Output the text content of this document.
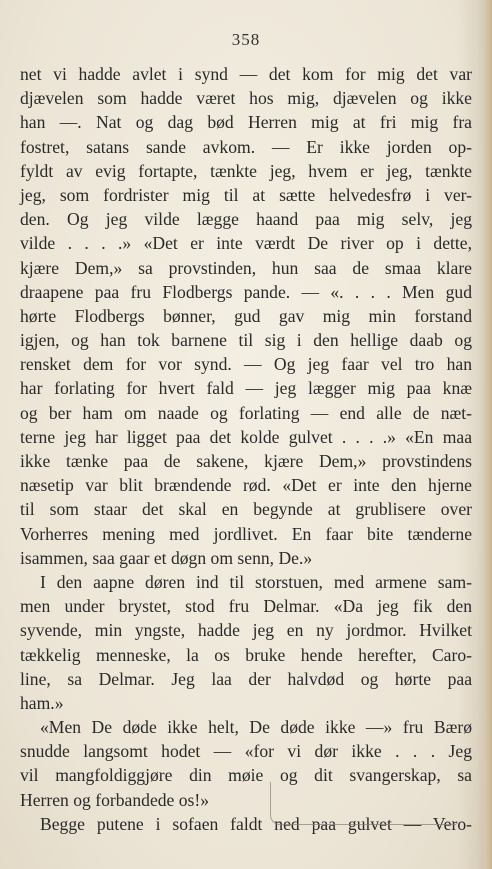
358
net vi hadde avlet i synd — det kom for mig det var
djævelen som hadde været hos mig, djævelen og ikke
han —. Nat og dag bød Herren mig at fri mig fra
fostret, satans sande avkom. — Er ikke jorden op-
fyldt av evig fortapte, tænkte jeg, hvem er jeg, tænkte
jeg, som fordrister mig til at sætte helvedesfrø i ver-
den. Og jeg vilde lægge haand paa mig selv, jeg
vilde . . . .» «Det er inte værdt De river op i dette,
kjære Dem,» sa provstinden, hun saa de smaa klare
draapene paa fru Flodbergs pande. — «. . . . Men gud
hørte Flodbergs bønner, gud gav mig min forstand
igjen, og han tok barnene til sig i den hellige daab og
rensket dem for vor synd. — Og jeg faar vel tro han
har forlating for hvert fald — jeg lægger mig paa knæ
og ber ham om naade og forlating — end alle de næt-
terne jeg har ligget paa det kolde gulvet . . . .» «En maa
ikke tænke paa de sakene, kjære Dem,» provstindens
næsetip var blit brændende rød. «Det er inte den hjerne
til som staar det skal en begynde at grublisere over
Vorherres mening med jordlivet. En faar bite tænderne
isammen, saa gaar et døgn om senn, De.»
I den aapne døren ind til storstuen, med armene sam-
men under brystet, stod fru Delmar. «Da jeg fik den
syvende, min yngste, hadde jeg en ny jordmor. Hvilket
tækkelig menneske, la os bruke hende herefter, Caro-
line, sa Delmar. Jeg laa der halvdød og hørte paa
ham.»
«Men De døde ikke helt, De døde ikke —» fru Bærø
snudde langsomt hodet — «for vi dør ikke . . . Jeg
vil mangfoldiggjøre din møie og dit svangerskap, sa
Herren og forbandede os!»
Begge putene i sofaen faldt ned paa gulvet — Vero-
